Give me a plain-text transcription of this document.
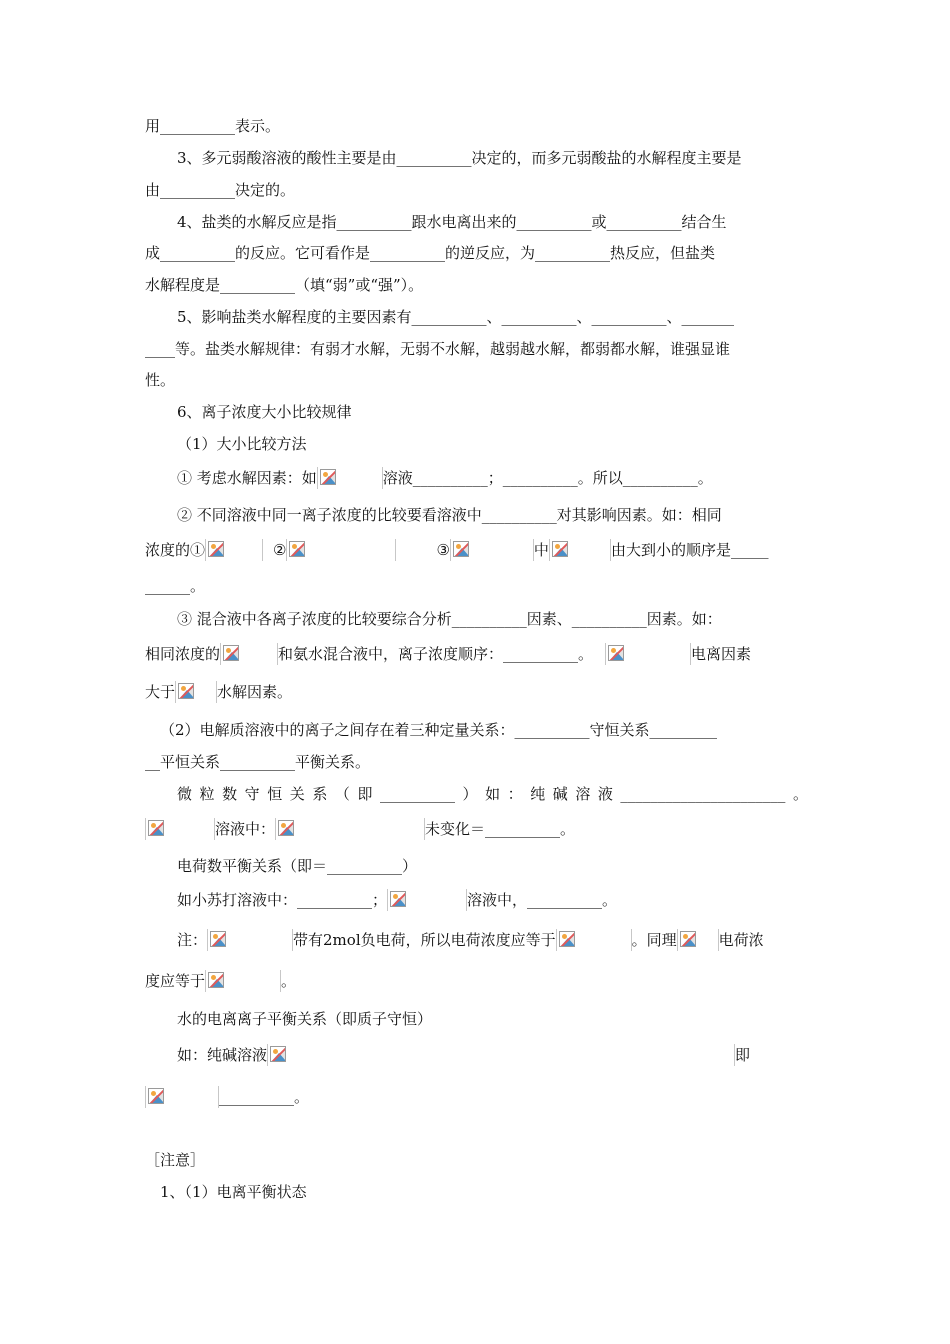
用__________表示。
3、多元弱酸溶液的酸性主要是由__________决定的，而多元弱酸盐的水解程度主要是
由__________决定的。
4、盐类的水解反应是指__________跟水电离出来的__________或__________结合生
成__________的反应。它可看作是__________的逆反应，为__________热反应，但盐类
水解程度是__________（填“弱”或“强”）。
5、影响盐类水解程度的主要因素有__________、__________、__________、_______
____等。盐类水解规律：有弱才水解，无弱不水解，越弱越水解，都弱都水解，谁强显谁
性。
6、离子浓度大小比较规律
（1）大小比较方法
① 考虑水解因素：如	溶液__________；__________。所以__________。
② 不同溶液中同一离子浓度的比较要看溶液中__________对其影响因素。如：相同
浓度的①	②	③	中	由大到小的顺序是_____
______。
③ 混合液中各离子浓度的比较要综合分析__________因素、__________因素。如：
相同浓度的	和氨水混合液中，离子浓度顺序：__________。	电离因素
大于	水解因素。
（2）电解质溶液中的离子之间存在着三种定量关系：__________守恒关系_________
__平恒关系__________平衡关系。
微粒数守恒关系（即__________）如：纯碱溶液______________________。
溶液中：	未变化＝__________。
电荷数平衡关系（即＝__________）
如小苏打溶液中：__________；	溶液中，__________。
注：	带有2mol负电荷，所以电荷浓度应等于	。同理	电荷浓
度应等于	。
水的电离离子平衡关系（即质子守恒）
如：纯碱溶液	即
__________。
［注意］
1、（1）电离平衡状态
